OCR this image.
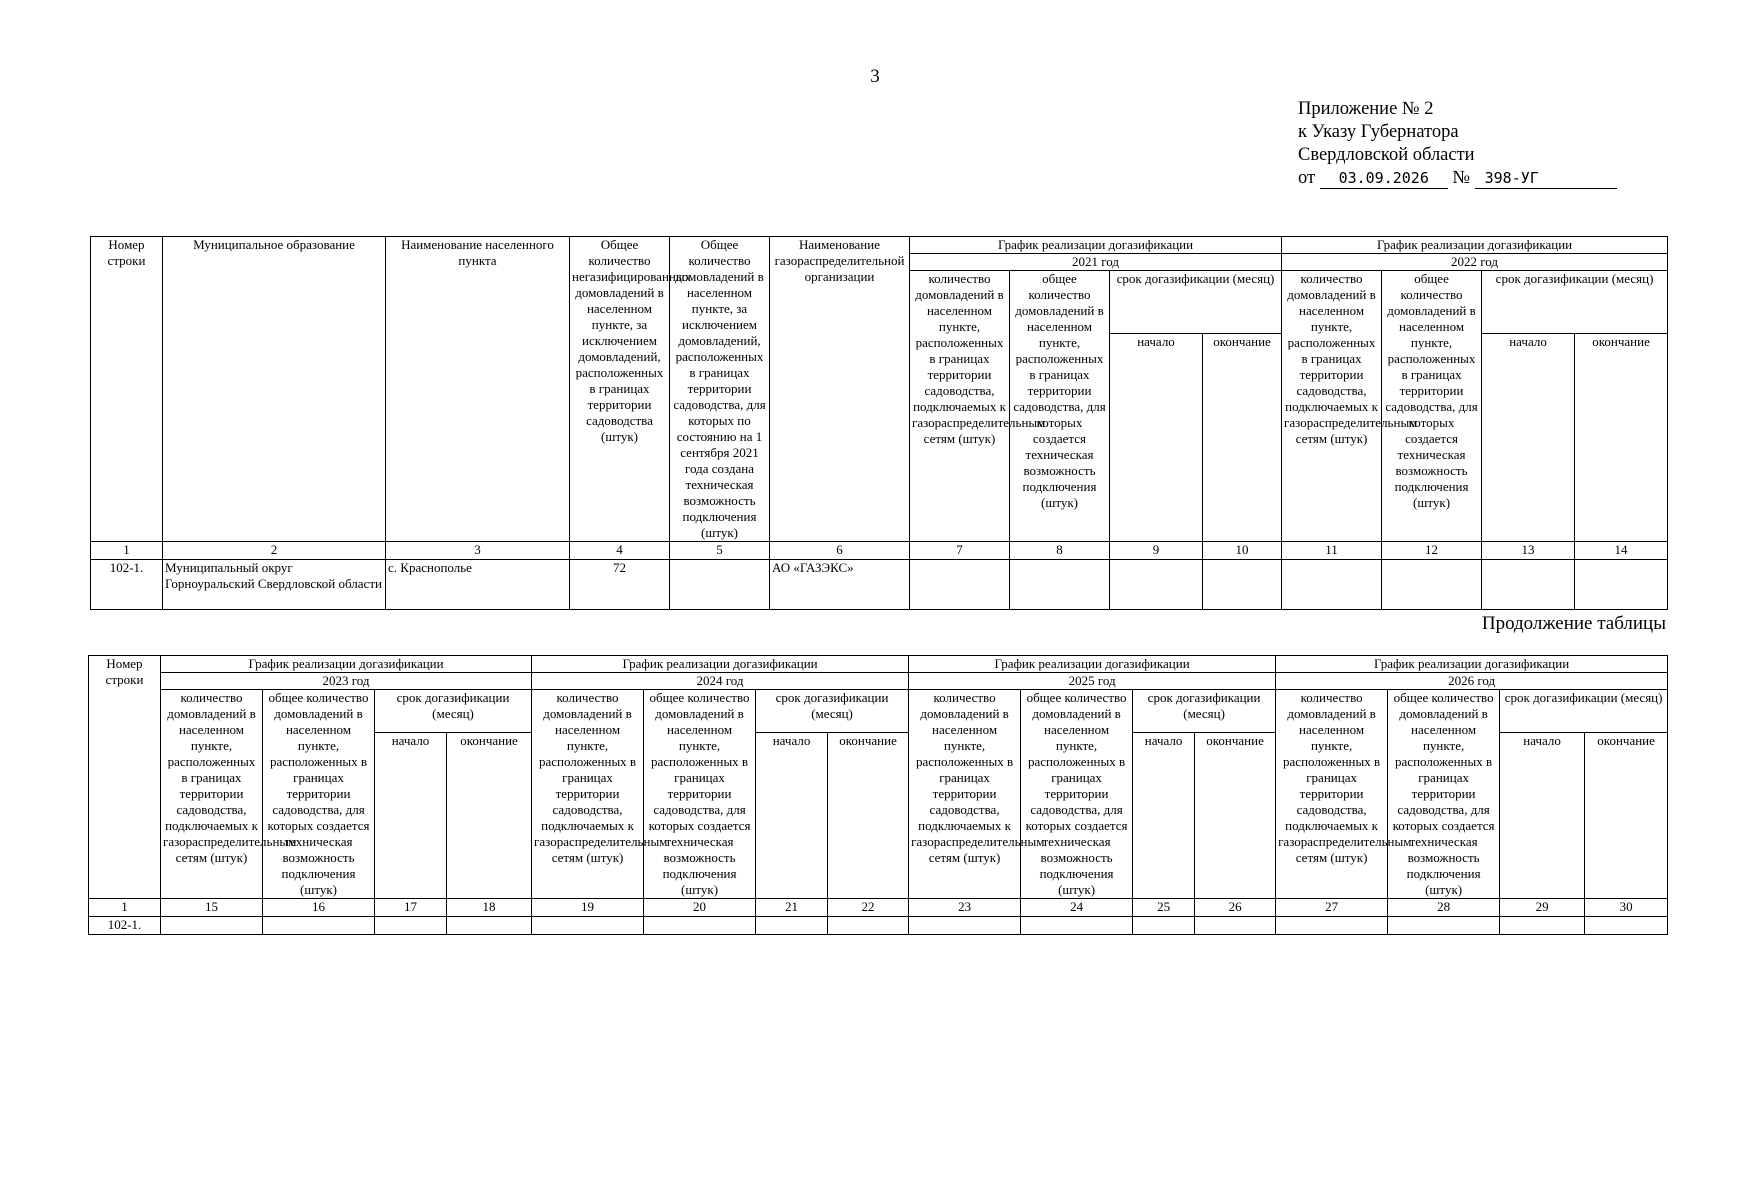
3
Приложение № 2
к Указу Губернатора
Свердловской области
от 03.09.2026 № 398-УГ
Номер строки	Муниципальное образование	Наименование населенного пункта	Общее количество негазифицированных домовладений в населенном пункте, за исключением домовладений, расположенных в границах территории садоводства (штук)	Общее количество домовладений в населенном пункте, за исключением домовладений, расположенных в границах территории садоводства, для которых по состоянию на 1 сентября 2021 года создана техническая возможность подключения (штук)	Наименование газораспределительной организации	График реализации догазификации				График реализации догазификации			
						2021 год				2022 год			
						количество домовладений в населенном пункте, расположенных в границах территории садоводства, подключаемых к газораспределительным сетям (штук)	общее количество домовладений в населенном пункте, расположенных в границах территории садоводства, для которых создается техническая возможность подключения (штук)	срок догазификации (месяц)		количество домовладений в населенном пункте, расположенных в границах территории садоводства, подключаемых к газораспределительным сетям (штук)	общее количество домовладений в населенном пункте, расположенных в границах территории садоводства, для которых создается техническая возможность подключения (штук)	срок догазификации (месяц)	
								начало	окончание			начало	окончание
1	2	3	4	5	6	7	8	9	10	11	12	13	14
102-1.	Муниципальный округ Горноуральский Свердловской области	с. Краснополье	72		АО «ГАЗЭКС»								
Продолжение таблицы
Номер строки	График реализации догазификации				График реализации догазификации				График реализации догазификации				График реализации догазификации			
	2023 год				2024 год				2025 год				2026 год			
	количество домовладений в населенном пункте, расположенных в границах территории садоводства, подключаемых к газораспределительным сетям (штук)	общее количество домовладений в населенном пункте, расположенных в границах территории садоводства, для которых создается техническая возможность подключения (штук)	срок догазификации (месяц)		количество домовладений в населенном пункте, расположенных в границах территории садоводства, подключаемых к газораспределительным сетям (штук)	общее количество домовладений в населенном пункте, расположенных в границах территории садоводства, для которых создается техническая возможность подключения (штук)	срок догазификации (месяц)		количество домовладений в населенном пункте, расположенных в границах территории садоводства, подключаемых к газораспределительным сетям (штук)	общее количество домовладений в населенном пункте, расположенных в границах территории садоводства, для которых создается техническая возможность подключения (штук)	срок догазификации (месяц)		количество домовладений в населенном пункте, расположенных в границах территории садоводства, подключаемых к газораспределительным сетям (штук)	общее количество домовладений в населенном пункте, расположенных в границах территории садоводства, для которых создается техническая возможность подключения (штук)	срок догазификации (месяц)	
			начало	окончание			начало	окончание			начало	окончание			начало	окончание
1	15	16	17	18	19	20	21	22	23	24	25	26	27	28	29	30
102-1.																
